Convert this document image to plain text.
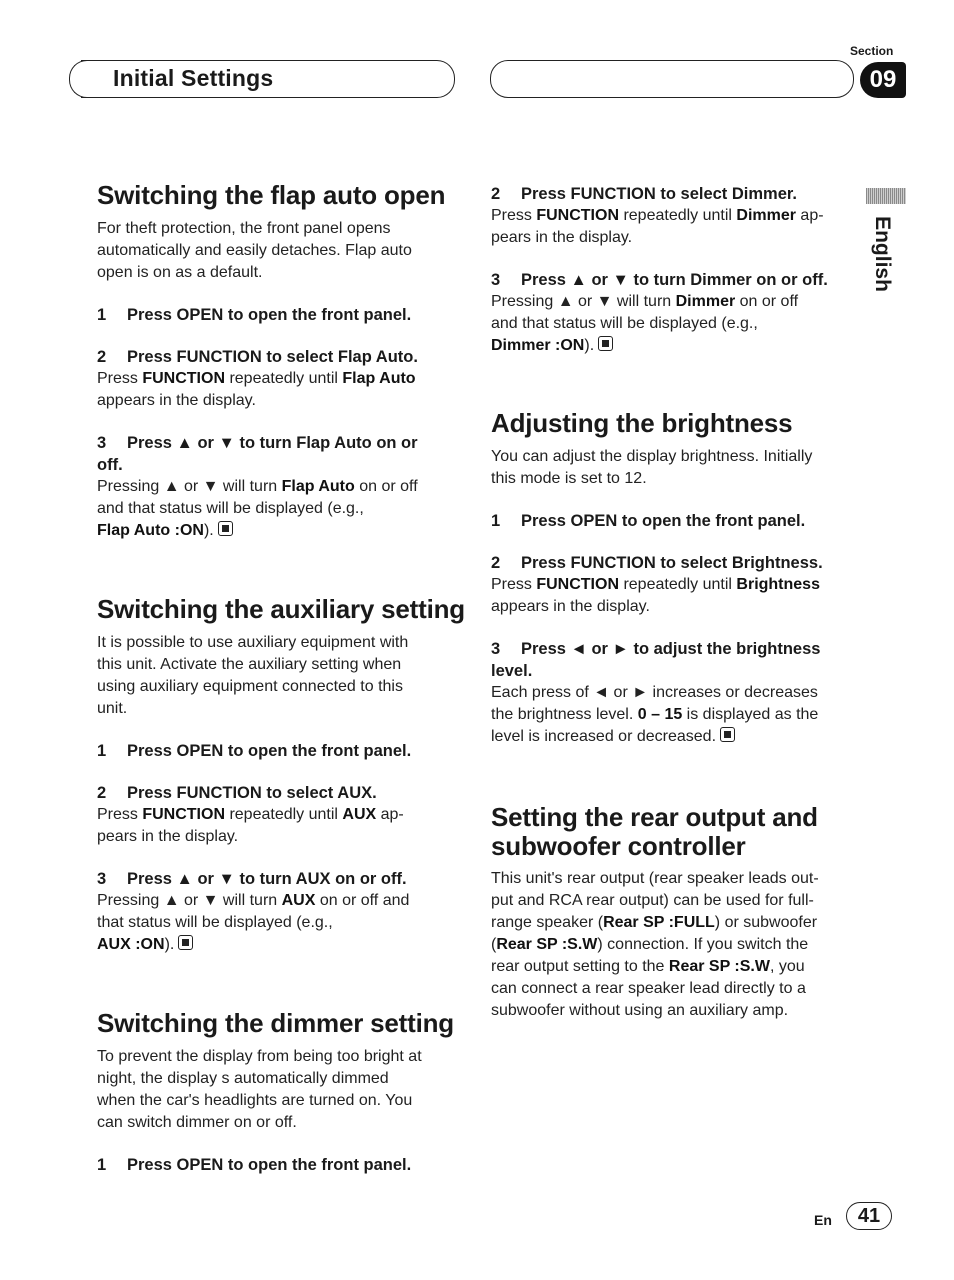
Initial Settings
Section
09
English
Switching the flap auto open

For theft protection, the front panel opens

automatically and easily detaches. Flap auto

open is on as a default.

1 Press OPEN to open the front panel.

2 Press FUNCTION to select Flap Auto.

Press FUNCTION repeatedly until Flap Auto

appears in the display.

3 Press ▲ or ▼ to turn Flap Auto on or

off.

Pressing ▲ or ▼ will turn Flap Auto on or off

and that status will be displayed (e.g.,

Flap Auto :ON).

Switching the auxiliary setting

It is possible to use auxiliary equipment with

this unit. Activate the auxiliary setting when

using auxiliary equipment connected to this

unit.

1 Press OPEN to open the front panel.

2 Press FUNCTION to select AUX.

Press FUNCTION repeatedly until AUX ap-

pears in the display.

3 Press ▲ or ▼ to turn AUX on or off.

Pressing ▲ or ▼ will turn AUX on or off and

that status will be displayed (e.g.,

AUX :ON).

Switching the dimmer setting

To prevent the display from being too bright at

night, the display s automatically dimmed

when the car's headlights are turned on. You

can switch dimmer on or off.

1 Press OPEN to open the front panel.

2 Press FUNCTION to select Dimmer.

Press FUNCTION repeatedly until Dimmer ap-

pears in the display.

3 Press ▲ or ▼ to turn Dimmer on or off.

Pressing ▲ or ▼ will turn Dimmer on or off

and that status will be displayed (e.g.,

Dimmer :ON).

Adjusting the brightness

You can adjust the display brightness. Initially

this mode is set to 12.

1 Press OPEN to open the front panel.

2 Press FUNCTION to select Brightness.

Press FUNCTION repeatedly until Brightness

appears in the display.

3 Press ◄ or ► to adjust the brightness

level.

Each press of ◄ or ► increases or decreases

the brightness level. 0 – 15 is displayed as the

level is increased or decreased.

Setting the rear output and
subwoofer controller

This unit's rear output (rear speaker leads out-

put and RCA rear output) can be used for full-

range speaker (Rear SP :FULL) or subwoofer

(Rear SP :S.W) connection. If you switch the

rear output setting to the Rear SP :S.W, you

can connect a rear speaker lead directly to a

subwoofer without using an auxiliary amp.

En	41
